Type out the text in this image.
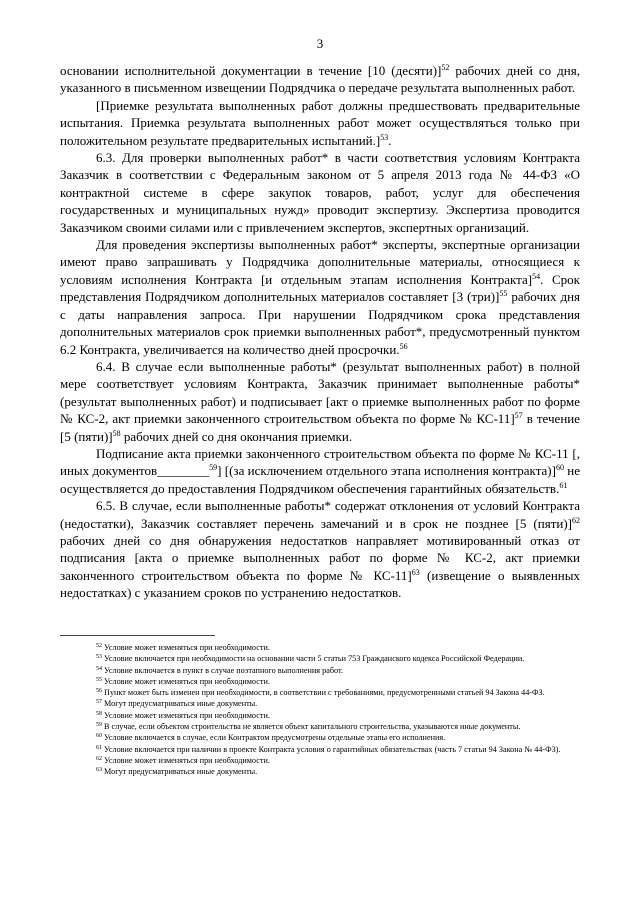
3

основании исполнительной документации в течение [10 (десяти)]$^{52}$ рабочих дней со дня, указанного в письменном извещении Подрядчика о передаче результата выполненных работ.

[Приемке результата выполненных работ должны предшествовать предварительные испытания. Приемка результата выполненных работ может осуществляться только при положительном результате предварительных испытаний.]$^{53}$.

6.3. Для проверки выполненных работ* в части соответствия условиям Контракта Заказчик в соответствии с Федеральным законом от 5 апреля 2013 года № 44-ФЗ «О контрактной системе в сфере закупок товаров, работ, услуг для обеспечения государственных и муниципальных нужд» проводит экспертизу. Экспертиза проводится Заказчиком своими силами или с привлечением экспертов, экспертных организаций.

Для проведения экспертизы выполненных работ* эксперты, экспертные организации имеют право запрашивать у Подрядчика дополнительные материалы, относящиеся к условиям исполнения Контракта [и отдельным этапам исполнения Контракта]$^{54}$. Срок представления Подрядчиком дополнительных материалов составляет [3 (три)]$^{55}$ рабочих дня с даты направления запроса. При нарушении Подрядчиком срока представления дополнительных материалов срок приемки выполненных работ*, предусмотренный пунктом 6.2 Контракта, увеличивается на количество дней просрочки.$^{56}$

6.4. В случае если выполненные работы* (результат выполненных работ) в полной мере соответствует условиям Контракта, Заказчик принимает выполненные работы* (результат выполненных работ) и подписывает [акт о приемке выполненных работ по форме № КС-2, акт приемки законченного строительством объекта по форме № КС-11]$^{57}$ в течение [5 (пяти)]$^{58}$ рабочих дней со дня окончания приемки.

Подписание акта приемки законченного строительством объекта по форме № КС-11 [, иных документов________$^{59}$] [(за исключением отдельного этапа исполнения контракта)]$^{60}$ не осуществляется до предоставления Подрядчиком обеспечения гарантийных обязательств.$^{61}$

6.5. В случае, если выполненные работы* содержат отклонения от условий Контракта (недостатки), Заказчик составляет перечень замечаний и в срок не позднее [5 (пяти)]$^{62}$ рабочих дней со дня обнаружения недостатков направляет мотивированный отказ от подписания [акта о приемке выполненных работ по форме № КС-2, акт приемки законченного строительством объекта по форме № КС-11]$^{63}$ (извещение о выявленных недостатках) с указанием сроков по устранению недостатков.

$^{52}$ Условие может изменяться при необходимости.

$^{53}$ Условие включается при необходимости на основании части 5 статьи 753 Гражданского кодекса Российской Федерации.

$^{54}$ Условие включается в пункт в случае поэтапного выполнения работ.

$^{55}$ Условие может изменяться при необходимости.

$^{56}$ Пункт может быть изменен при необходимости, в соответствии с требованиями, предусмотренными статьей 94 Закона 44-ФЗ.

$^{57}$ Могут предусматриваться иные документы.

$^{58}$ Условие может изменяться при необходимости.

$^{59}$ В случае, если объектом строительства не является объект капитального строительства, указываются иные документы.

$^{60}$ Условие включается в случае, если Контрактом предусмотрены отдельные этапы его исполнения.

$^{61}$ Условие включается при наличии в проекте Контракта условия о гарантийных обязательствах (часть 7 статьи 94 Закона № 44-ФЗ).

$^{62}$ Условие может изменяться при необходимости.

$^{63}$ Могут предусматриваться иные документы.
